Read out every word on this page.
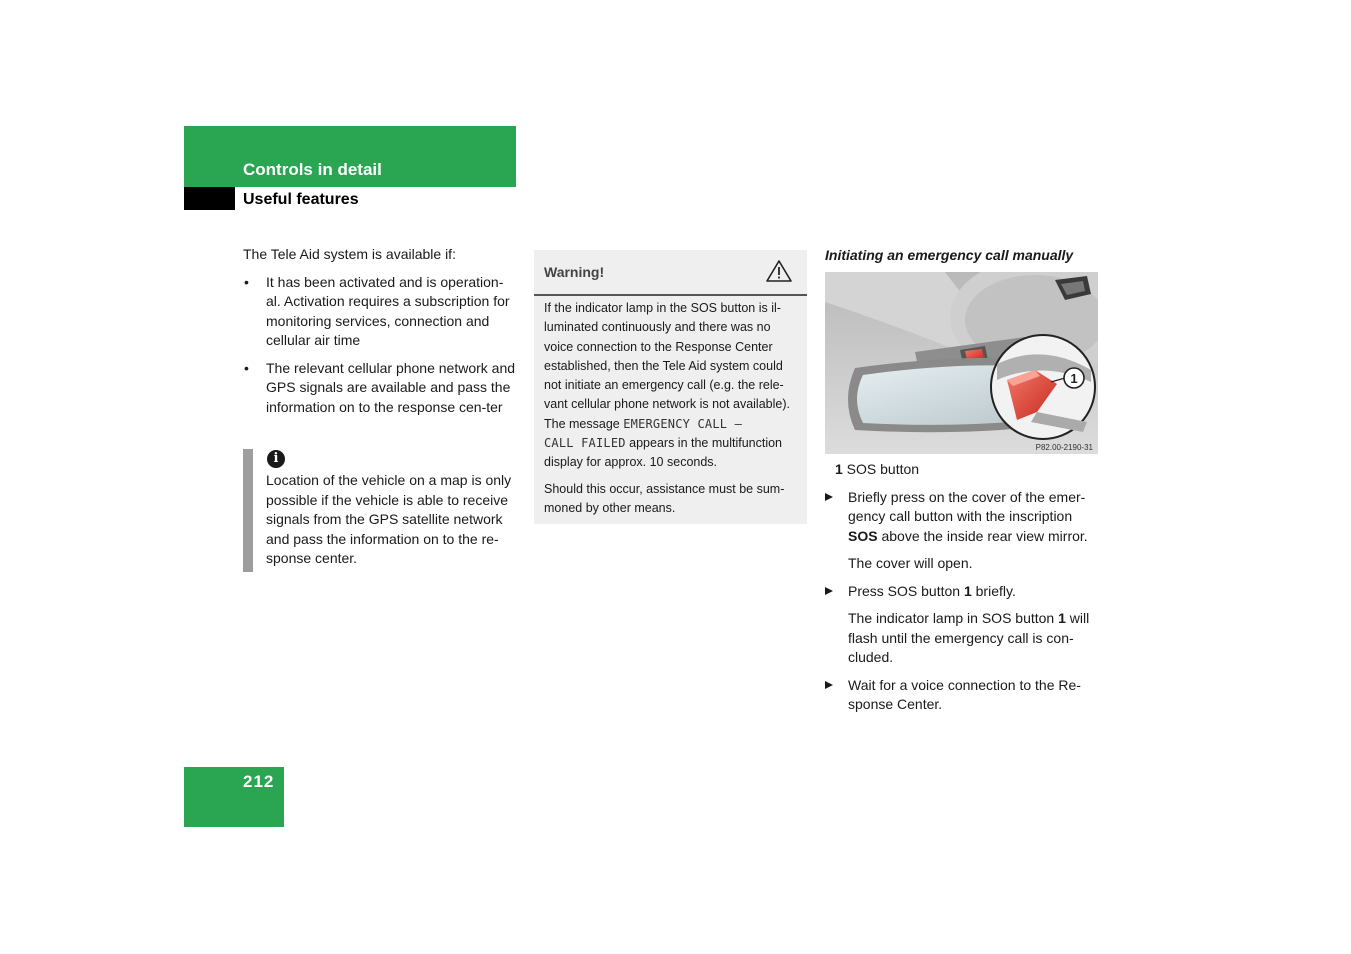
Controls in detail
Useful features

The Tele Aid system is available if:

• It has been activated and is operation-al. Activation requires a subscription for monitoring services, connection and cellular air time
• The relevant cellular phone network and GPS signals are available and pass the information on to the response cen-ter
i

Location of the vehicle on a map is only possible if the vehicle is able to receive signals from the GPS satellite network and pass the information on to the re-sponse center.

Warning!

If the indicator lamp in the SOS button is il-luminated continuously and there was no voice connection to the Response Center established, then the Tele Aid system could not initiate an emergency call (e.g. the rele-vant cellular phone network is not available). The message EMERGENCY CALL –
CALL FAILED appears in the multifunction display for approx. 10 seconds.

Should this occur, assistance must be sum-moned by other means.

Initiating an emergency call manually
1
P82.00-2190-31

1 SOS button

Briefly press on the cover of the emer-gency call button with the inscription SOS above the inside rear view mirror.
The cover will open.
Press SOS button 1 briefly.
The indicator lamp in SOS button 1 will flash until the emergency call is con-cluded.
Wait for a voice connection to the Re-sponse Center.
212
